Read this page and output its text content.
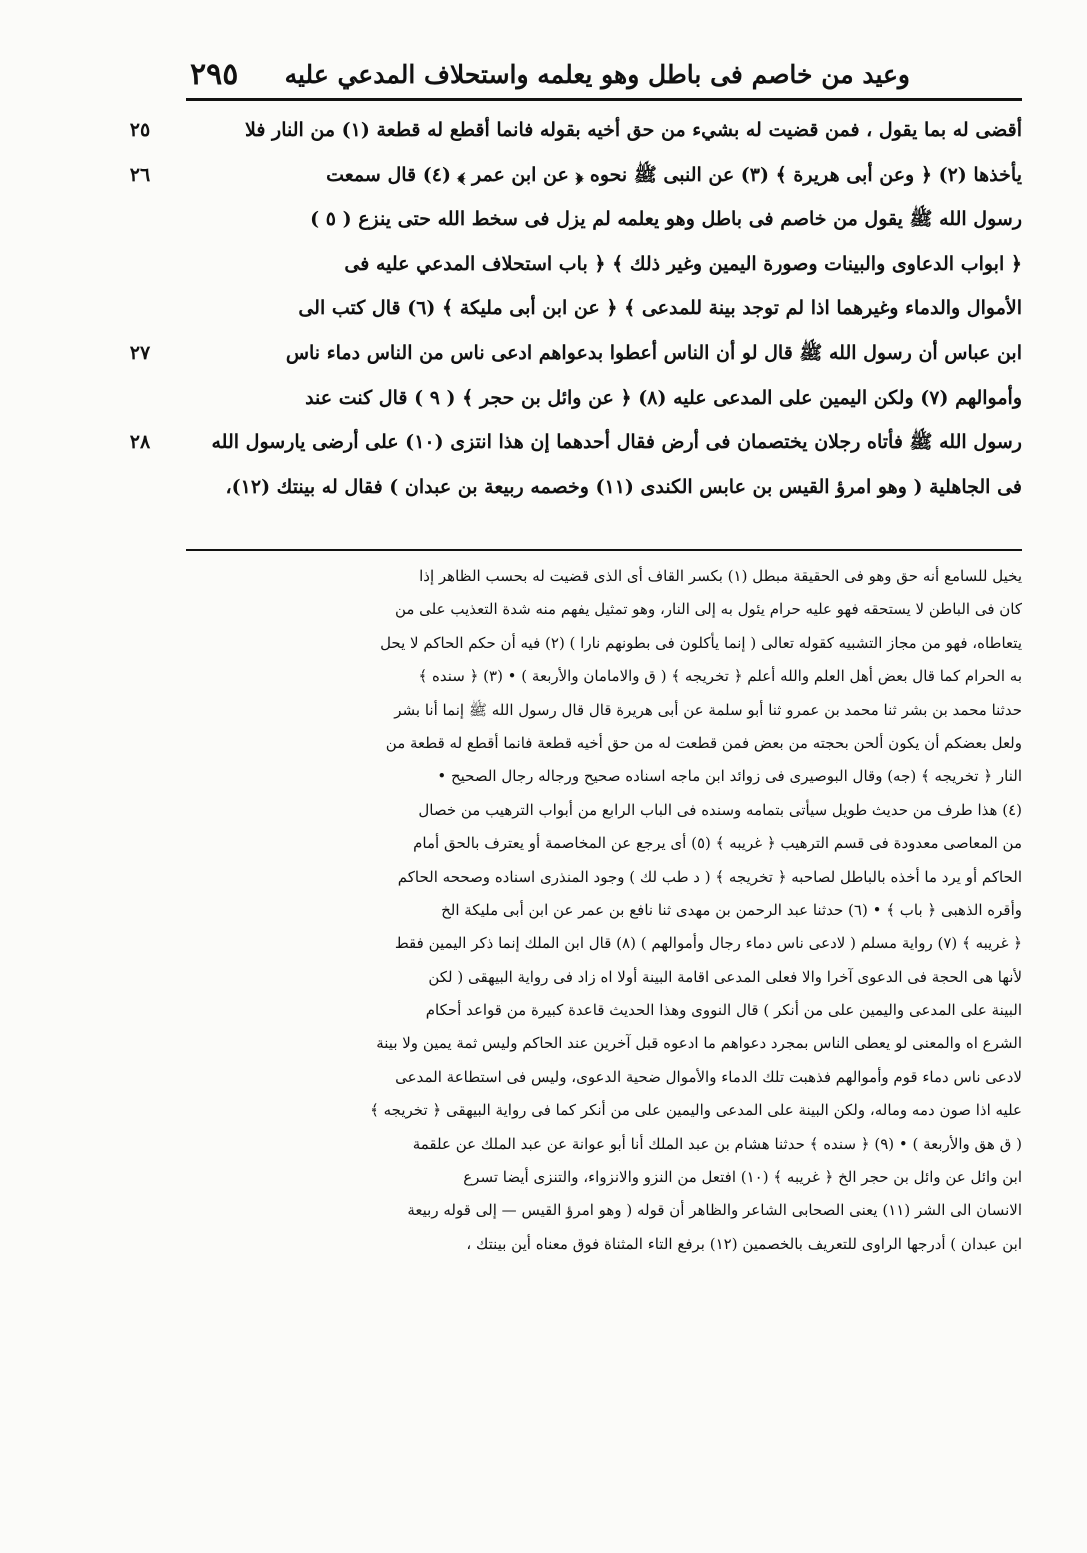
وعيد من خاصم فى باطل وهو يعلمه واستحلاف المدعي عليه
٢٩٥
٢٥
٢٦
٢٧
٢٨
أقضى له بما يقول ، فمن قضيت له بشيء من حق أخيه بقوله فانما أقطع له قطعة (١) من النار فلا
يأخذها (٢) ﴿ وعن أبى هريرة ﴾ (٣) عن النبى ﷺ نحوه ﴿ عن ابن عمر ﴾ (٤) قال سمعت
رسول الله ﷺ يقول من خاصم فى باطل وهو يعلمه لم يزل فى سخط الله حتى ينزع ( ٥ )
﴿ ابواب الدعاوى والبينات وصورة اليمين وغير ذلك ﴾ ﴿ باب استحلاف المدعي عليه فى
الأموال والدماء وغيرهما اذا لم توجد بينة للمدعى ﴾ ﴿ عن ابن أبى مليكة ﴾ (٦) قال كتب الى
ابن عباس أن رسول الله ﷺ قال لو أن الناس أعطوا بدعواهم ادعى ناس من الناس دماء ناس
وأموالهم (٧) ولكن اليمين على المدعى عليه (٨) ﴿ عن وائل بن حجر ﴾ ( ٩ ) قال كنت عند
رسول الله ﷺ فأتاه رجلان يختصمان فى أرض فقال أحدهما إن هذا انتزى (١٠) على أرضى يارسول الله
فى الجاهلية ( وهو امرؤ القيس بن عابس الكندى (١١) وخصمه ربيعة بن عبدان ) فقال له بينتك (١٢)،
يخيل للسامع أنه حق وهو فى الحقيقة مبطل (١) بكسر القاف أى الذى قضيت له بحسب الظاهر إذا
كان فى الباطن لا يستحقه فهو عليه حرام يئول به إلى النار، وهو تمثيل يفهم منه شدة التعذيب على من
يتعاطاه، فهو من مجاز التشبيه كقوله تعالى ( إنما يأكلون فى بطونهم نارا ) (٢) فيه أن حكم الحاكم لا يحل
به الحرام كما قال بعض أهل العلم والله أعلم ﴿ تخريجه ﴾ ( ق والامامان والأربعة ) • (٣) ﴿ سنده ﴾
حدثنا محمد بن بشر ثنا محمد بن عمرو ثنا أبو سلمة عن أبى هريرة قال قال رسول الله ﷺ إنما أنا بشر
ولعل بعضكم أن يكون ألحن بحجته من بعض فمن قطعت له من حق أخيه قطعة فانما أقطع له قطعة من
النار ﴿ تخريجه ﴾ (جه) وقال البوصيرى فى زوائد ابن ماجه اسناده صحيح ورجاله رجال الصحيح •
(٤) هذا طرف من حديث طويل سيأتى بتمامه وسنده فى الباب الرابع من أبواب الترهيب من خصال
من المعاصى معدودة فى قسم الترهيب ﴿ غريبه ﴾ (٥) أى يرجع عن المخاصمة أو يعترف بالحق أمام
الحاكم أو يرد ما أخذه بالباطل لصاحبه ﴿ تخريجه ﴾ ( د طب لك ) وجود المنذرى اسناده وصححه الحاكم
وأقره الذهبى ﴿ باب ﴾ • (٦) حدثنا عبد الرحمن بن مهدى ثنا نافع بن عمر عن ابن أبى مليكة الخ
﴿ غريبه ﴾ (٧) رواية مسلم ( لادعى ناس دماء رجال وأموالهم ) (٨) قال ابن الملك إنما ذكر اليمين فقط
لأنها هى الحجة فى الدعوى آخرا والا فعلى المدعى اقامة البينة أولا اه زاد فى رواية البيهقى ( لكن
البينة على المدعى واليمين على من أنكر ) قال النووى وهذا الحديث قاعدة كبيرة من قواعد أحكام
الشرع اه والمعنى لو يعطى الناس بمجرد دعواهم ما ادعوه قبل آخرين عند الحاكم وليس ثمة يمين ولا بينة
لادعى ناس دماء قوم وأموالهم فذهبت تلك الدماء والأموال ضحية الدعوى، وليس فى استطاعة المدعى
عليه اذا صون دمه وماله، ولكن البينة على المدعى واليمين على من أنكر كما فى رواية البيهقى ﴿ تخريجه ﴾
( ق هق والأربعة ) • (٩) ﴿ سنده ﴾ حدثنا هشام بن عبد الملك أنا أبو عوانة عن عبد الملك عن علقمة
ابن وائل عن وائل بن حجر الخ ﴿ غريبه ﴾ (١٠) افتعل من النزو والانزواء، والتنزى أيضا تسرع
الانسان الى الشر (١١) يعنى الصحابى الشاعر والظاهر أن قوله ( وهو امرؤ القيس — إلى قوله ربيعة
ابن عبدان ) أدرجها الراوى للتعريف بالخصمين (١٢) برفع التاء المثناة فوق معناه أين بينتك ،
